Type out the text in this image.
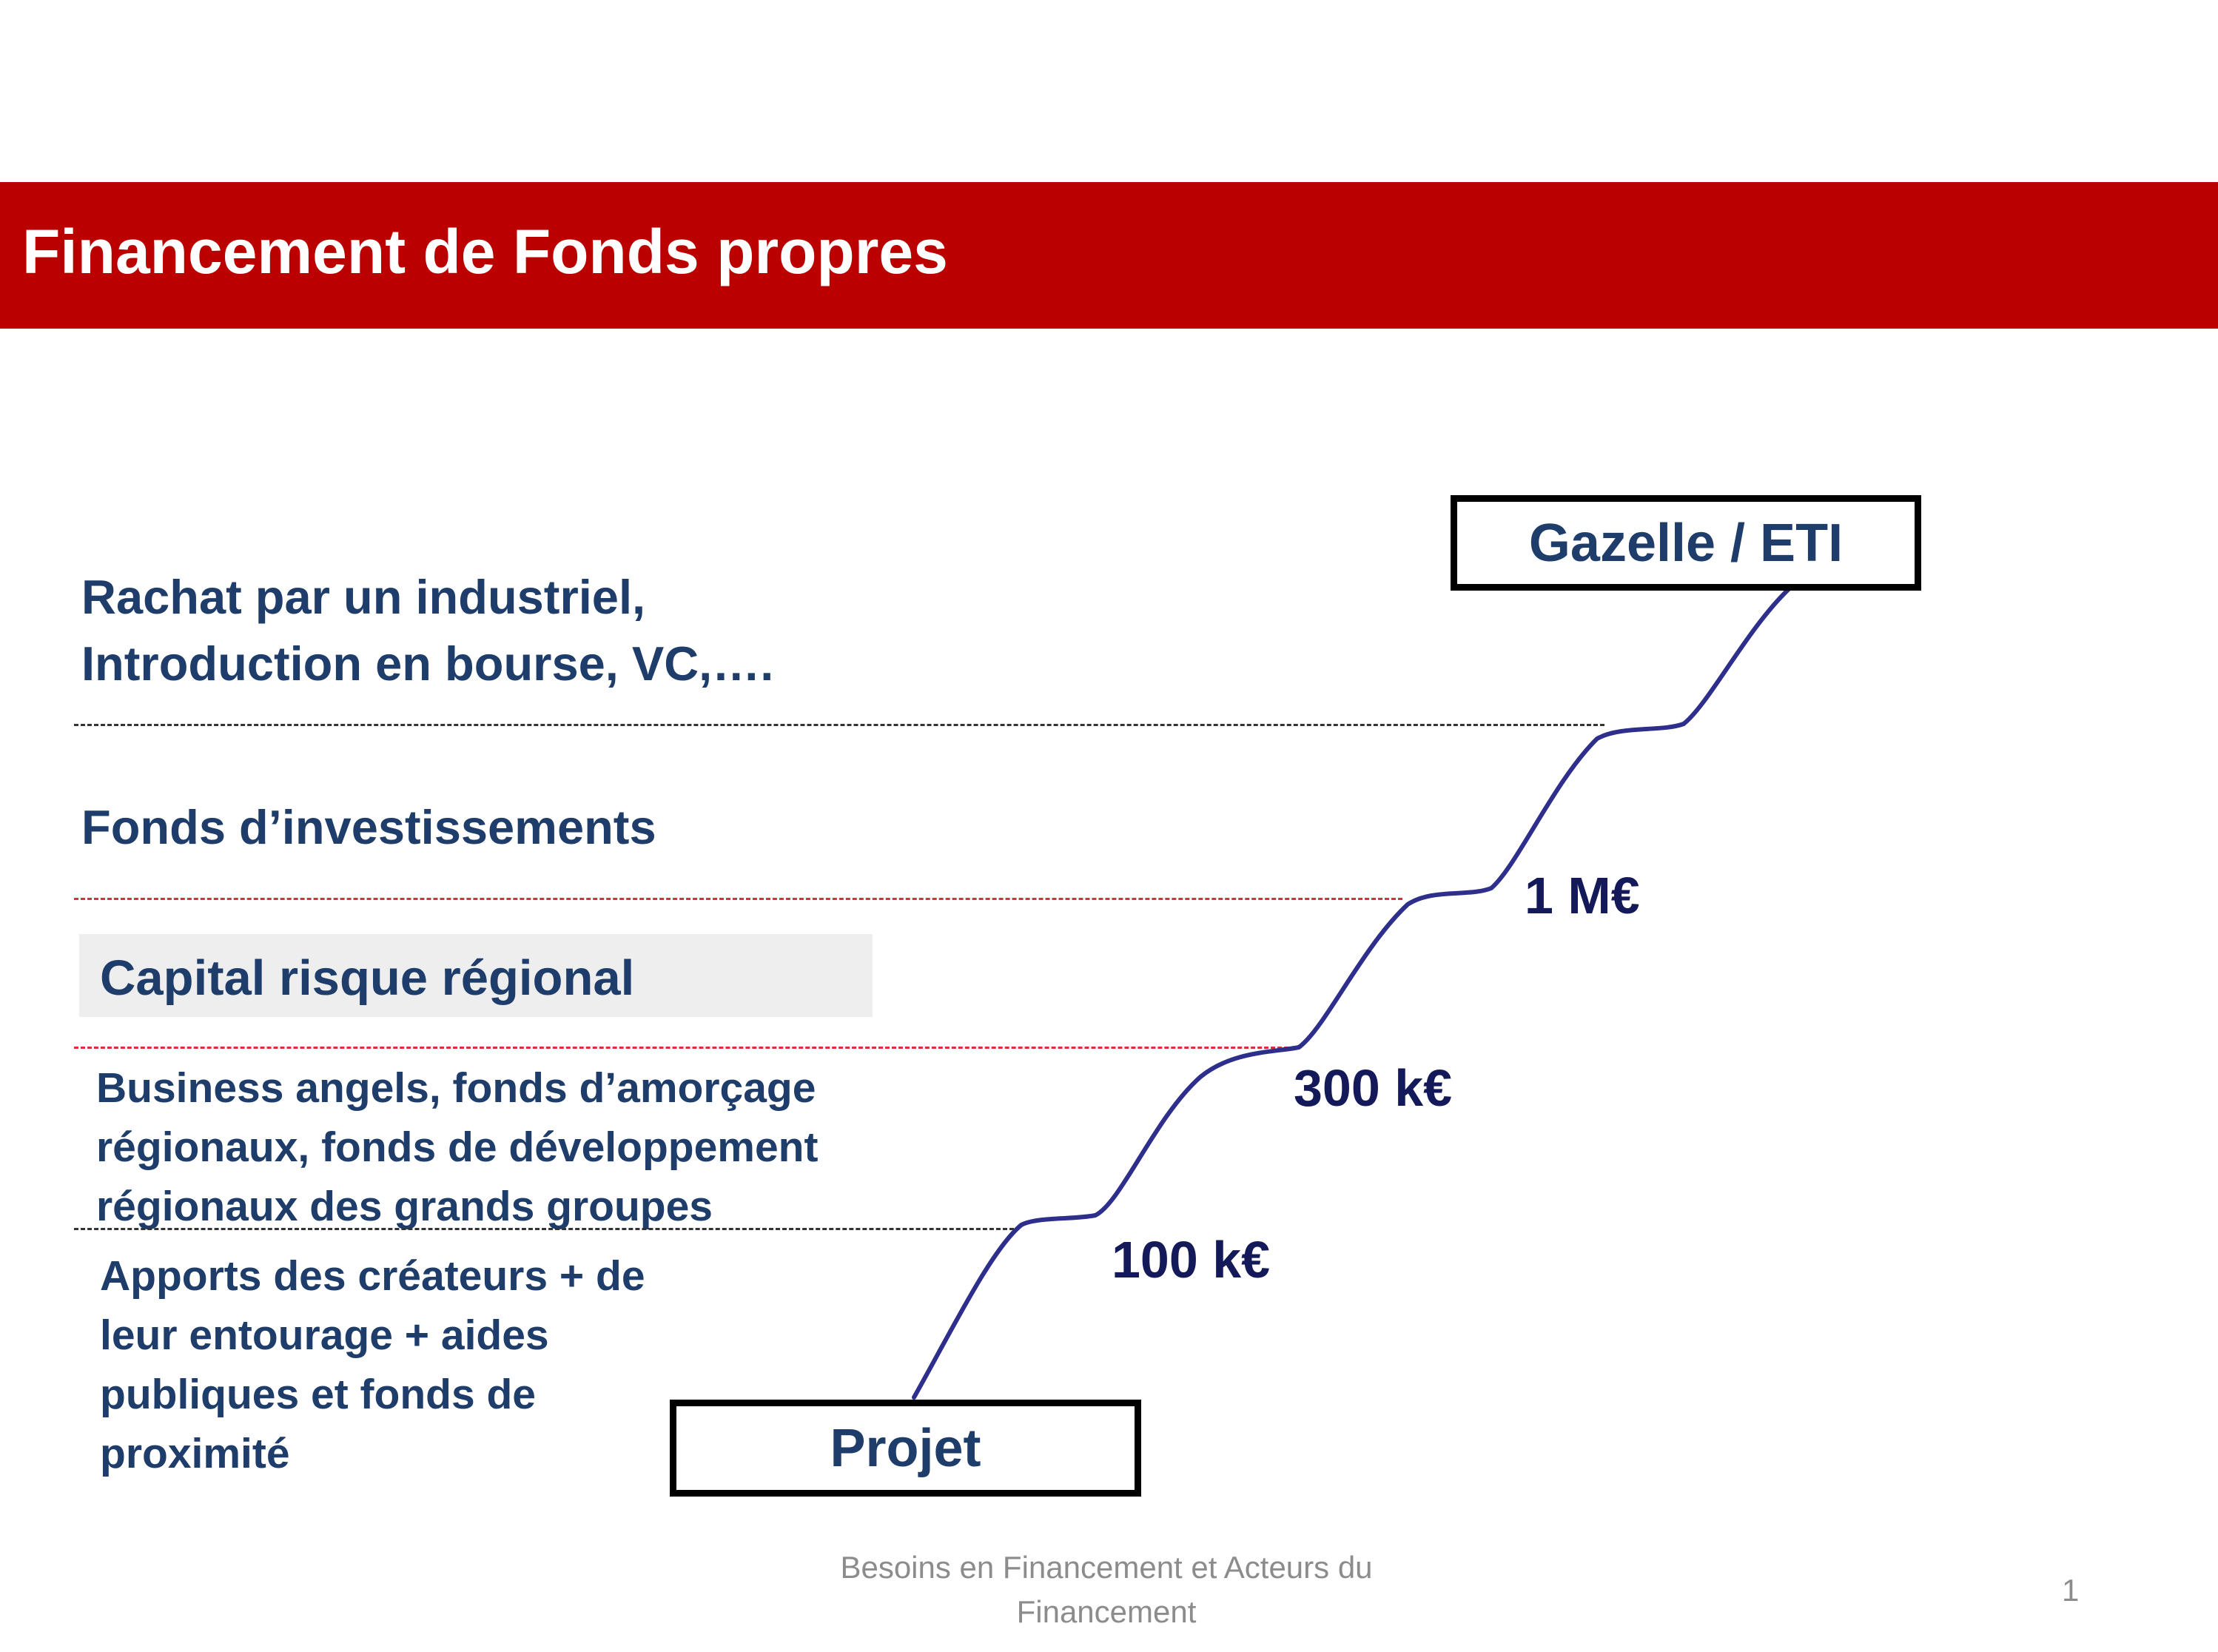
Financement de Fonds propres
Rachat par un industriel,
Introduction en bourse, VC,….
Fonds d’investissements
Capital risque régional
Business angels, fonds d’amorçage
régionaux, fonds de développement
régionaux des grands groupes
Apports des créateurs + de
leur entourage + aides
publiques et fonds de
proximité
Gazelle / ETI
Projet
1 M€
300 k€
100 k€
Besoins en Financement et Acteurs du
Financement
1
